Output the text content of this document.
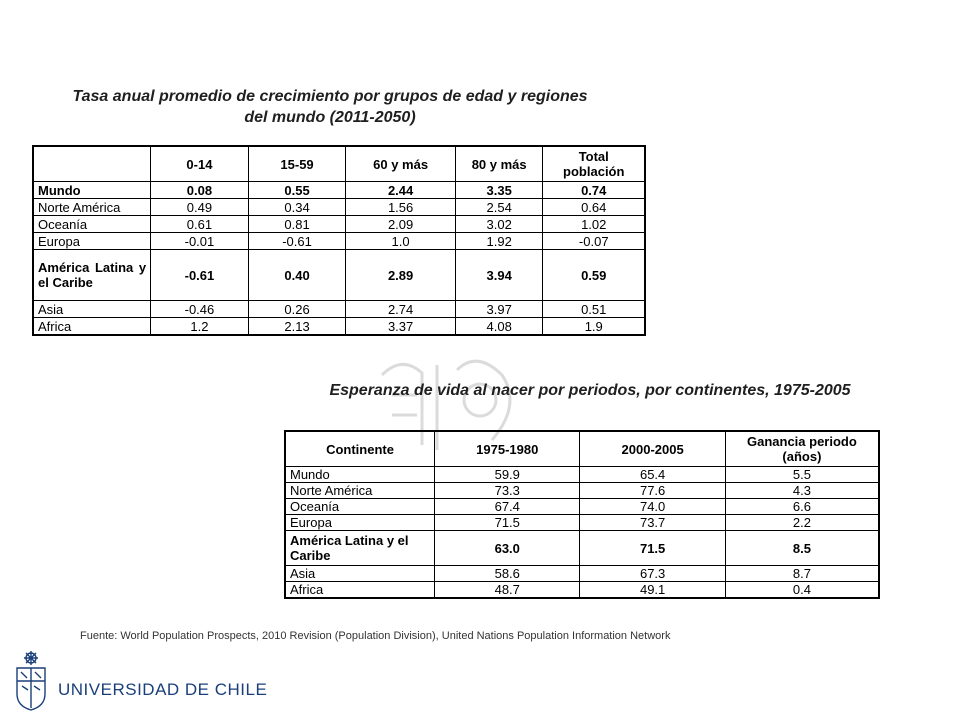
Tasa anual promedio de crecimiento por grupos de edad y regiones del mundo (2011-2050)
	0-14	15-59	60 y más	80 y más	Total población
Mundo	0.08	0.55	2.44	3.35	0.74
Norte América	0.49	0.34	1.56	2.54	0.64
Oceanía	0.61	0.81	2.09	3.02	1.02
Europa	-0.01	-0.61	1.0	1.92	-0.07
América Latina y el Caribe	-0.61	0.40	2.89	3.94	0.59
Asia	-0.46	0.26	2.74	3.97	0.51
Africa	1.2	2.13	3.37	4.08	1.9
Esperanza de vida al nacer por periodos, por continentes, 1975-2005
Continente	1975-1980	2000-2005	Ganancia periodo (años)
Mundo	59.9	65.4	5.5
Norte América	73.3	77.6	4.3
Oceanía	67.4	74.0	6.6
Europa	71.5	73.7	2.2
América Latina y el Caribe	63.0	71.5	8.5
Asia	58.6	67.3	8.7
Africa	48.7	49.1	0.4
Fuente: World Population Prospects, 2010 Revision (Population Division), United Nations Population Information Network
UNIVERSIDAD DE CHILE
